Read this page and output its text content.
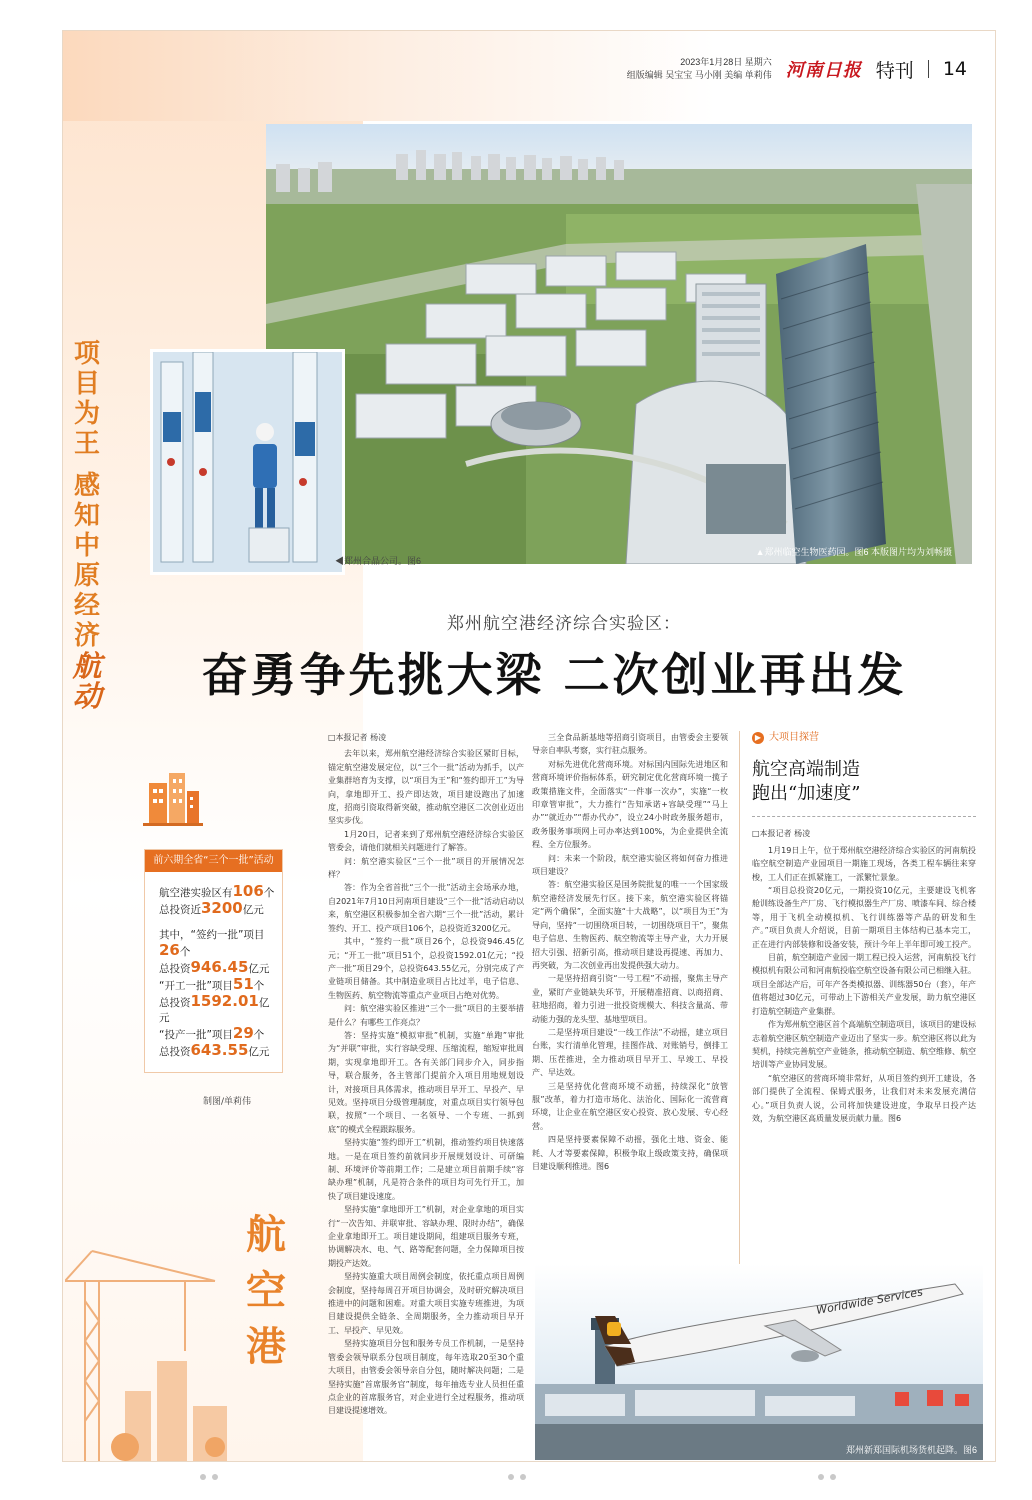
2023年1月28日 星期六
组版编辑 吴宝宝 马小刚 美编 单莉伟 河南日报 特刊 14
▲郑州临空生物医药园。图6 本版图片均为刘畅摄
◀郑州合晶公司。图6
项
目
为
王
感
知
中
原
经
济
航
动
郑州航空港经济综合实验区：
奋勇争先挑大梁 二次创业再出发
前六期全省“三个一批”活动
航空港实验区有106个
总投资近3200亿元
其中，“签约一批”项目26个
总投资946.45亿元
“开工一批”项目51个
总投资1592.01亿元
“投产一批”项目29个
总投资643.55亿元
制图/单莉伟

□本报记者 杨凌

去年以来，郑州航空港经济综合实验区紧盯目标，锚定航空港发展定位，以“三个一批”活动为抓手，以产业集群培育为支撑，以“项目为王”和“签约即开工”为导向，拿地即开工、投产即达效，项目建设跑出了加速度，招商引资取得新突破，推动航空港区二次创业迈出坚实步伐。

1月20日，记者来到了郑州航空港经济综合实验区管委会，请他们就相关问题进行了解答。

问：航空港实验区“三个一批”项目的开展情况怎样？

答：作为全省首批“三个一批”活动主会场承办地，自2021年7月10日河南项目建设“三个一批”活动启动以来，航空港区积极参加全省六期“三个一批”活动，累计签约、开工、投产项目106个，总投资近3200亿元。

其中，“签约一批”项目26个，总投资946.45亿元；“开工一批”项目51个，总投资1592.01亿元；“投产一批”项目29个，总投资643.55亿元，分别完成了产业链项目储备。其中制造业项目占比过半，电子信息、生物医药、航空物流等重点产业项目占绝对优势。

问：航空港实验区推进“三个一批”项目的主要举措是什么？有哪些工作亮点？

答：坚持实施“模拟审批”机制，实施“单跑”审批为“并联”审批，实行容缺受理、压缩流程，缩短审批周期，实现拿地即开工。各有关部门同步介入，同步指导，联合服务，各主管部门提前介入项目用地规划设计，对接项目具体需求，推动项目早开工、早投产、早见效。坚持项目分级管理制度，对重点项目实行领导包联，按照“一个项目、一名领导、一个专班、一抓到底”的模式全程跟踪服务。

坚持实施“签约即开工”机制，推动签约项目快速落地。一是在项目签约前就同步开展规划设计、可研编制、环境评价等前期工作；二是建立项目前期手续“容缺办理”机制，凡是符合条件的项目均可先行开工，加快了项目建设速度。

坚持实施“拿地即开工”机制，对企业拿地的项目实行“一次告知、并联审批、容缺办理、限时办结”，确保企业拿地即开工。项目建设期间，组建项目服务专班，协调解决水、电、气、路等配套问题，全力保障项目按期投产达效。

坚持实施重大项目周例会制度，依托重点项目周例会制度，坚持每周召开项目协调会，及时研究解决项目推进中的问题和困难。对重大项目实施专班推进，为项目建设提供全链条、全周期服务，全力推动项目早开工、早投产、早见效。

坚持实施项目分包和服务专员工作机制，一是坚持管委会领导联系分包项目制度，每年选取20至30个重大项目，由管委会领导亲自分包，随时解决问题；二是坚持实施“首席服务官”制度，每年抽选专业人员担任重点企业的首席服务官，对企业进行全过程服务，推动项目建设提速增效。

三全食品新基地等招商引资项目，由管委会主要领导亲自率队考察，实行驻点服务。

对标先进优化营商环境。对标国内国际先进地区和营商环境评价指标体系，研究制定优化营商环境一揽子政策措施文件，全面落实“一件事一次办”，实施“一枚印章管审批”，大力推行“告知承诺+容缺受理”“马上办”“就近办”“帮办代办”，设立24小时政务服务超市，政务服务事项网上可办率达到100%，为企业提供全流程、全方位服务。

问：未来一个阶段，航空港实验区将如何奋力推进项目建设？

答：航空港实验区是国务院批复的唯一一个国家级航空港经济发展先行区。接下来，航空港实验区将锚定“两个确保”，全面实施“十大战略”，以“项目为王”为导向，坚持“一切围绕项目转，一切围绕项目干”，聚焦电子信息、生物医药、航空物流等主导产业，大力开展招大引强、招新引高，推动项目建设再提速、再加力、再突破，为二次创业再出发提供强大动力。

一是坚持招商引资“一号工程”不动摇，聚焦主导产业，紧盯产业链缺失环节，开展精准招商、以商招商、驻地招商，着力引进一批投资规模大、科技含量高、带动能力强的龙头型、基地型项目。

二是坚持项目建设“一线工作法”不动摇，建立项目台账，实行清单化管理，挂图作战、对账销号，倒排工期、压茬推进，全力推动项目早开工、早竣工、早投产、早达效。

三是坚持优化营商环境不动摇，持续深化“放管服”改革，着力打造市场化、法治化、国际化一流营商环境，让企业在航空港区安心投资、放心发展、专心经营。

四是坚持要素保障不动摇，强化土地、资金、能耗、人才等要素保障，积极争取上级政策支持，确保项目建设顺利推进。图6

▶ 大项目探营
航空高端制造
跑出“加速度”

□本报记者 杨凌

1月19日上午，位于郑州航空港经济综合实验区的河南航投临空航空制造产业园项目一期施工现场，各类工程车辆往来穿梭，工人们正在抓紧施工，一派繁忙景象。

“项目总投资20亿元，一期投资10亿元，主要建设飞机客舱训练设备生产厂房、飞行模拟器生产厂房、喷漆车间、综合楼等，用于飞机全动模拟机、飞行训练器等产品的研发和生产。”项目负责人介绍说，目前一期项目主体结构已基本完工，正在进行内部装修和设备安装，预计今年上半年即可竣工投产。

目前，航空制造产业园一期工程已投入运营，河南航投飞行模拟机有限公司和河南航投临空航空设备有限公司已相继入驻。项目全部达产后，可年产各类模拟器、训练器50台（套），年产值将超过30亿元，可带动上下游相关产业发展，助力航空港区打造航空制造产业集群。

作为郑州航空港区首个高端航空制造项目，该项目的建设标志着航空港区航空制造产业迈出了坚实一步。航空港区将以此为契机，持续完善航空产业链条，推动航空制造、航空维修、航空培训等产业协同发展。

“航空港区的营商环境非常好，从项目签约到开工建设，各部门提供了全流程、保姆式服务，让我们对未来发展充满信心。”项目负责人说，公司将加快建设进度，争取早日投产达效，为航空港区高质量发展贡献力量。图6

航
空
港
Worldwide Services
郑州新郑国际机场货机起降。图6
